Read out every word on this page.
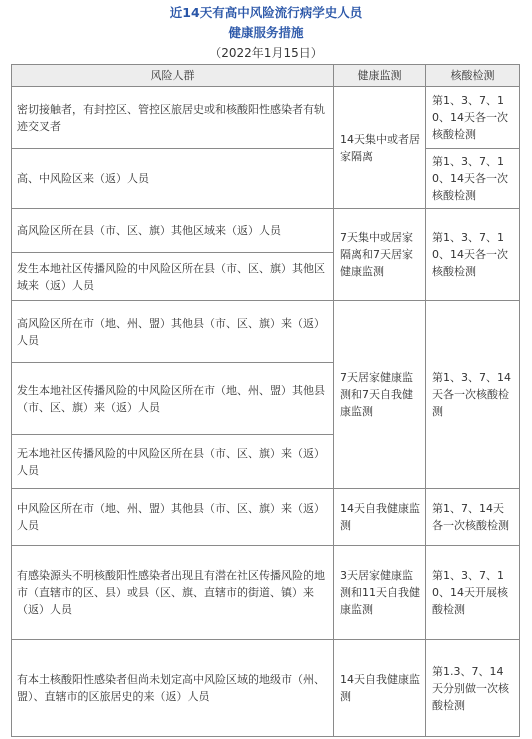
近14天有高中风险流行病学史人员
健康服务措施
（2022年1月15日）
风险人群	健康监测	核酸检测
密切接触者，有封控区、管控区旅居史或和核酸阳性感染者有轨迹交叉者	14天集中或者居家隔离	第1、3、7、10、14天各一次核酸检测
高、中风险区来（返）人员		第1、3、7、10、14天各一次核酸检测
高风险区所在县（市、区、旗）其他区域来（返）人员	7天集中或居家隔离和7天居家健康监测	第1、3、7、10、14天各一次核酸检测
发生本地社区传播风险的中风险区所在县（市、区、旗）其他区域来（返）人员		
高风险区所在市（地、州、盟）其他县（市、区、旗）来（返）人员	7天居家健康监测和7天自我健康监测	第1、3、7、14天各一次核酸检测
发生本地社区传播风险的中风险区所在市（地、州、盟）其他县（市、区、旗）来（返）人员		
无本地社区传播风险的中风险区所在县（市、区、旗）来（返）人员		
中风险区所在市（地、州、盟）其他县（市、区、旗）来（返）人员	14天自我健康监测	第1、7、14天各一次核酸检测
有感染源头不明核酸阳性感染者出现且有潜在社区传播风险的地市（直辖市的区、县）或县（区、旗、直辖市的街道、镇）来（返）人员	3天居家健康监测和11天自我健康监测	第1、3、7、10、14天开展核酸检测
有本土核酸阳性感染者但尚未划定高中风险区域的地级市（州、盟）、直辖市的区旅居史的来（返）人员	14天自我健康监测	第1.3、7、14天分别做一次核酸检测
